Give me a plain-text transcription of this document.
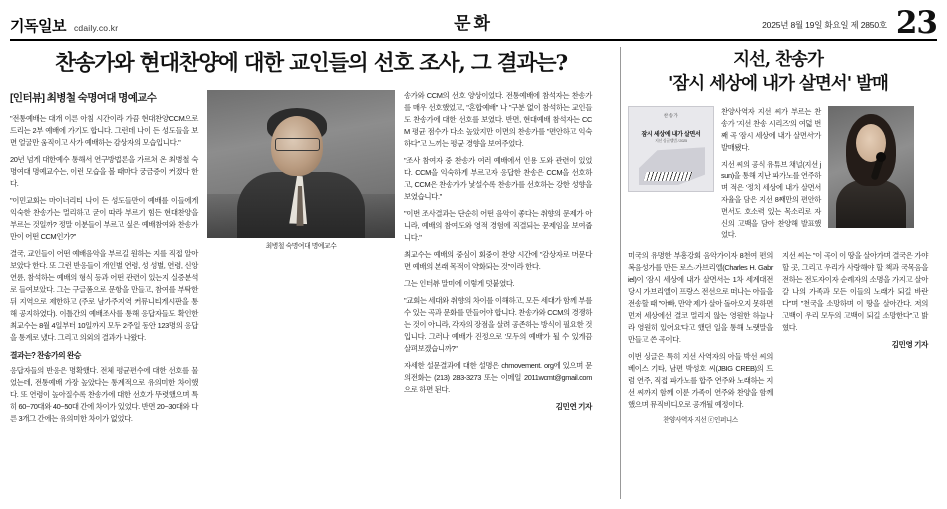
기독일보 cdaily.co.kr	문화	2025년 8월 19일 화요일 제 2850호 23
찬송가와 현대찬양에 대한 교인들의 선호 조사, 그 결과는?
[인터뷰] 최병철 숙명여대 명예교수

"전통예배는 대개 이른 아침 시간이라 가끔 현대찬양CCM으로 드리는 2부 예배에 가기도 합니다. 그런데 나이 든 성도들을 보면 얼굴만 움직이고 사가 예배하는 감상자의 모습입니다."

20년 넘게 대한예수 통해서 연구방법론을 가르쳐 온 최병철 숙명여대 명예교수는, 이런 모습을 볼 때마다 궁금증이 커졌다 한다.

"이민교회는 마이너리티 나이 든 성도들만이 예배를 이들에게 익숙한 찬송가는 멀리하고 굳이 따라 부르기 힘든 현대찬양을 부르는 것일까? 정말 이분들이 부르고 싶은 예배참여와 찬송가만이 어떤 CCM인가?"

결국, 교인들이 어떤 예배음악을 부르길 원하는 지를 직접 알아보았다 한다. 또 그런 반응들이 개인별 연령, 성 성별, 연령, 신앙 연륜, 참석하는 예배의 형식 등과 어떤 관련이 있는지 실증분석로 들여보았다. 그는 구글폼으로 문항을 만들고, 참여를 부탁한 뒤 지역으로 제한하고 (주로 남가주지역 커뮤니티게시판을 통해 공지하였다). 이틀간의 예배조사를 통해 응답자들도 확인한 최교수는 8월 4일부터 10일까지 모두 2주일 동안 123명의 응답을 통계로 냈다. 그리고 의외의 결과가 나왔다.

결과는? 찬송가의 완승

응답자들의 반응은 명확했다. 전체 평균편수에 대한 선호를 물었는데, 전통예배 가장 높았다는 통계적으로 유의미한 차이했다. 또 연령이 높아질수록 찬송가에 대한 선호가 뚜렷했으며 특히 60~70대와 40~50대 간에 차이가 있었다. 반면 20~30대와 다른 3개그 간에는 유의미한 차이가 없었다.

최병철 숙명여대 명예교수

송가와 CCM의 선호 양상이었다. 전통예배에 참석자는 찬송가를 매우 선호했었고, "혼합예배" 나 "구분 없이 참석하는 교인들도 찬송가에 대한 선호를 보였다. 반면, 현대예배 참석자는 CCM 평균 점수가 다소 높았지만 이면의 찬송가를 "편안하고 익숙하다"고 느끼는 평균 경향을 보여주었다.

"조사 참여자 중 찬송가 여러 예배에서 인용 도와 관련이 있었다. CCM을 익숙하게 부르고자 응답한 찬송은 CCM을 선호하고, CCM은 찬송가가 낯설수록 찬송가를 선호하는 강한 성향을 보였습니다."

"이번 조사결과는 단순히 어떤 음악이 좋다는 취향의 문제가 아니라, 예배의 참여도와 영적 경험에 직결되는 문제임을 보여줍니다."

최교수는 예배의 중심이 회중이 찬양 시간에 "감상자로 머문다면 예배의 본래 목적이 약화되는 것"이라 한다.

그는 인터뷰 말미에 이렇게 덧붙였다.

"교회는 세대와 취향의 차이를 이해하고, 모든 세대가 함께 부를 수 있는 곡과 문화를 만들어야 합니다. 찬송가와 CCM의 경쟁하는 것이 아니라, 각자의 장점을 살려 공존하는 방식이 필요한 것입니다. 그러나 예배가 진정으로 '모두의 예배'가 될 수 있게끔 살펴보겠습니까?"

자세한 설문결과에 대한 설명은 chmovement. org에 있으며 문의전화는 (213) 283-3273 또는 이메일 2011wcmt@gmail.com으로 하면 된다.

김민연 기자
지선, 찬송가
'잠시 세상에 내가 살면서' 발매
찬송가
잠시 세상에 내가 살면서
지선 싱글앨범 / 2025

찬양사역자 지선 씨가 부르는 찬송가 '지선 찬송 시리즈'의 여덟 번째 곡 '잠시 세상에 내가 살면서'가 발매됐다.

지선 씨의 공식 유튜브 채널(지선 jsun)을 통해 지난 파가노를 연주하며 적은 '정치 세상에 내가 살면서 자율을 담은 지선 8째만의 편안하면서도 호소력 있는 목소리로 자신의 고백을 담아 찬양해 발표했었다.

미국의 유명한 부흥강회 음악가이자 8천여 편의 복음성가를 만든 로스·가브리엘(Charles H. Gabriel)이 '잠시 세상에 내가 살면서는 1차 세계대전 당시 가브리엘이 프랑스 전선으로 떠나는 아들을 전송할 때 "아빠, 만약 제가 살아 돌아오지 못하면 먼저 세상에선 결코 멀리지 않는 영원한 하늘나라 영원히 있어요'다고 했던 일을 통해 노랫말을 만들고 쓴 곡이다.

이번 싱글은 특히 지선 사역자의 아들 박선 씨의 베이스 기타, 남편 박성호 씨(JBIG CREB)의 드럼 연주, 직접 파가노를 합주 연주와 노래하는 지선 씨까지 함께 이룬 가족이 연주와 찬양을 함께했으며 뮤직비디오로 공개될 예정이다.

찬양사역자 지선 ⓒ인퍼니스

지선 씨는 "이 곡이 이 땅을 살아가며 결국은 가야 할 곳, 그리고 우리가 사랑해야 할 책과 국목음을 전하는 전도자이자 순례자의 소명을 가지고 살아갈 나의 가족과 모든 이들의 노래가 되길 바란다"며 "천국을 소망하며 이 땅을 살아간다. 저의 고백이 우리 모두의 고백이 되길 소망한다"고 밝혔다.

김민영 기자
